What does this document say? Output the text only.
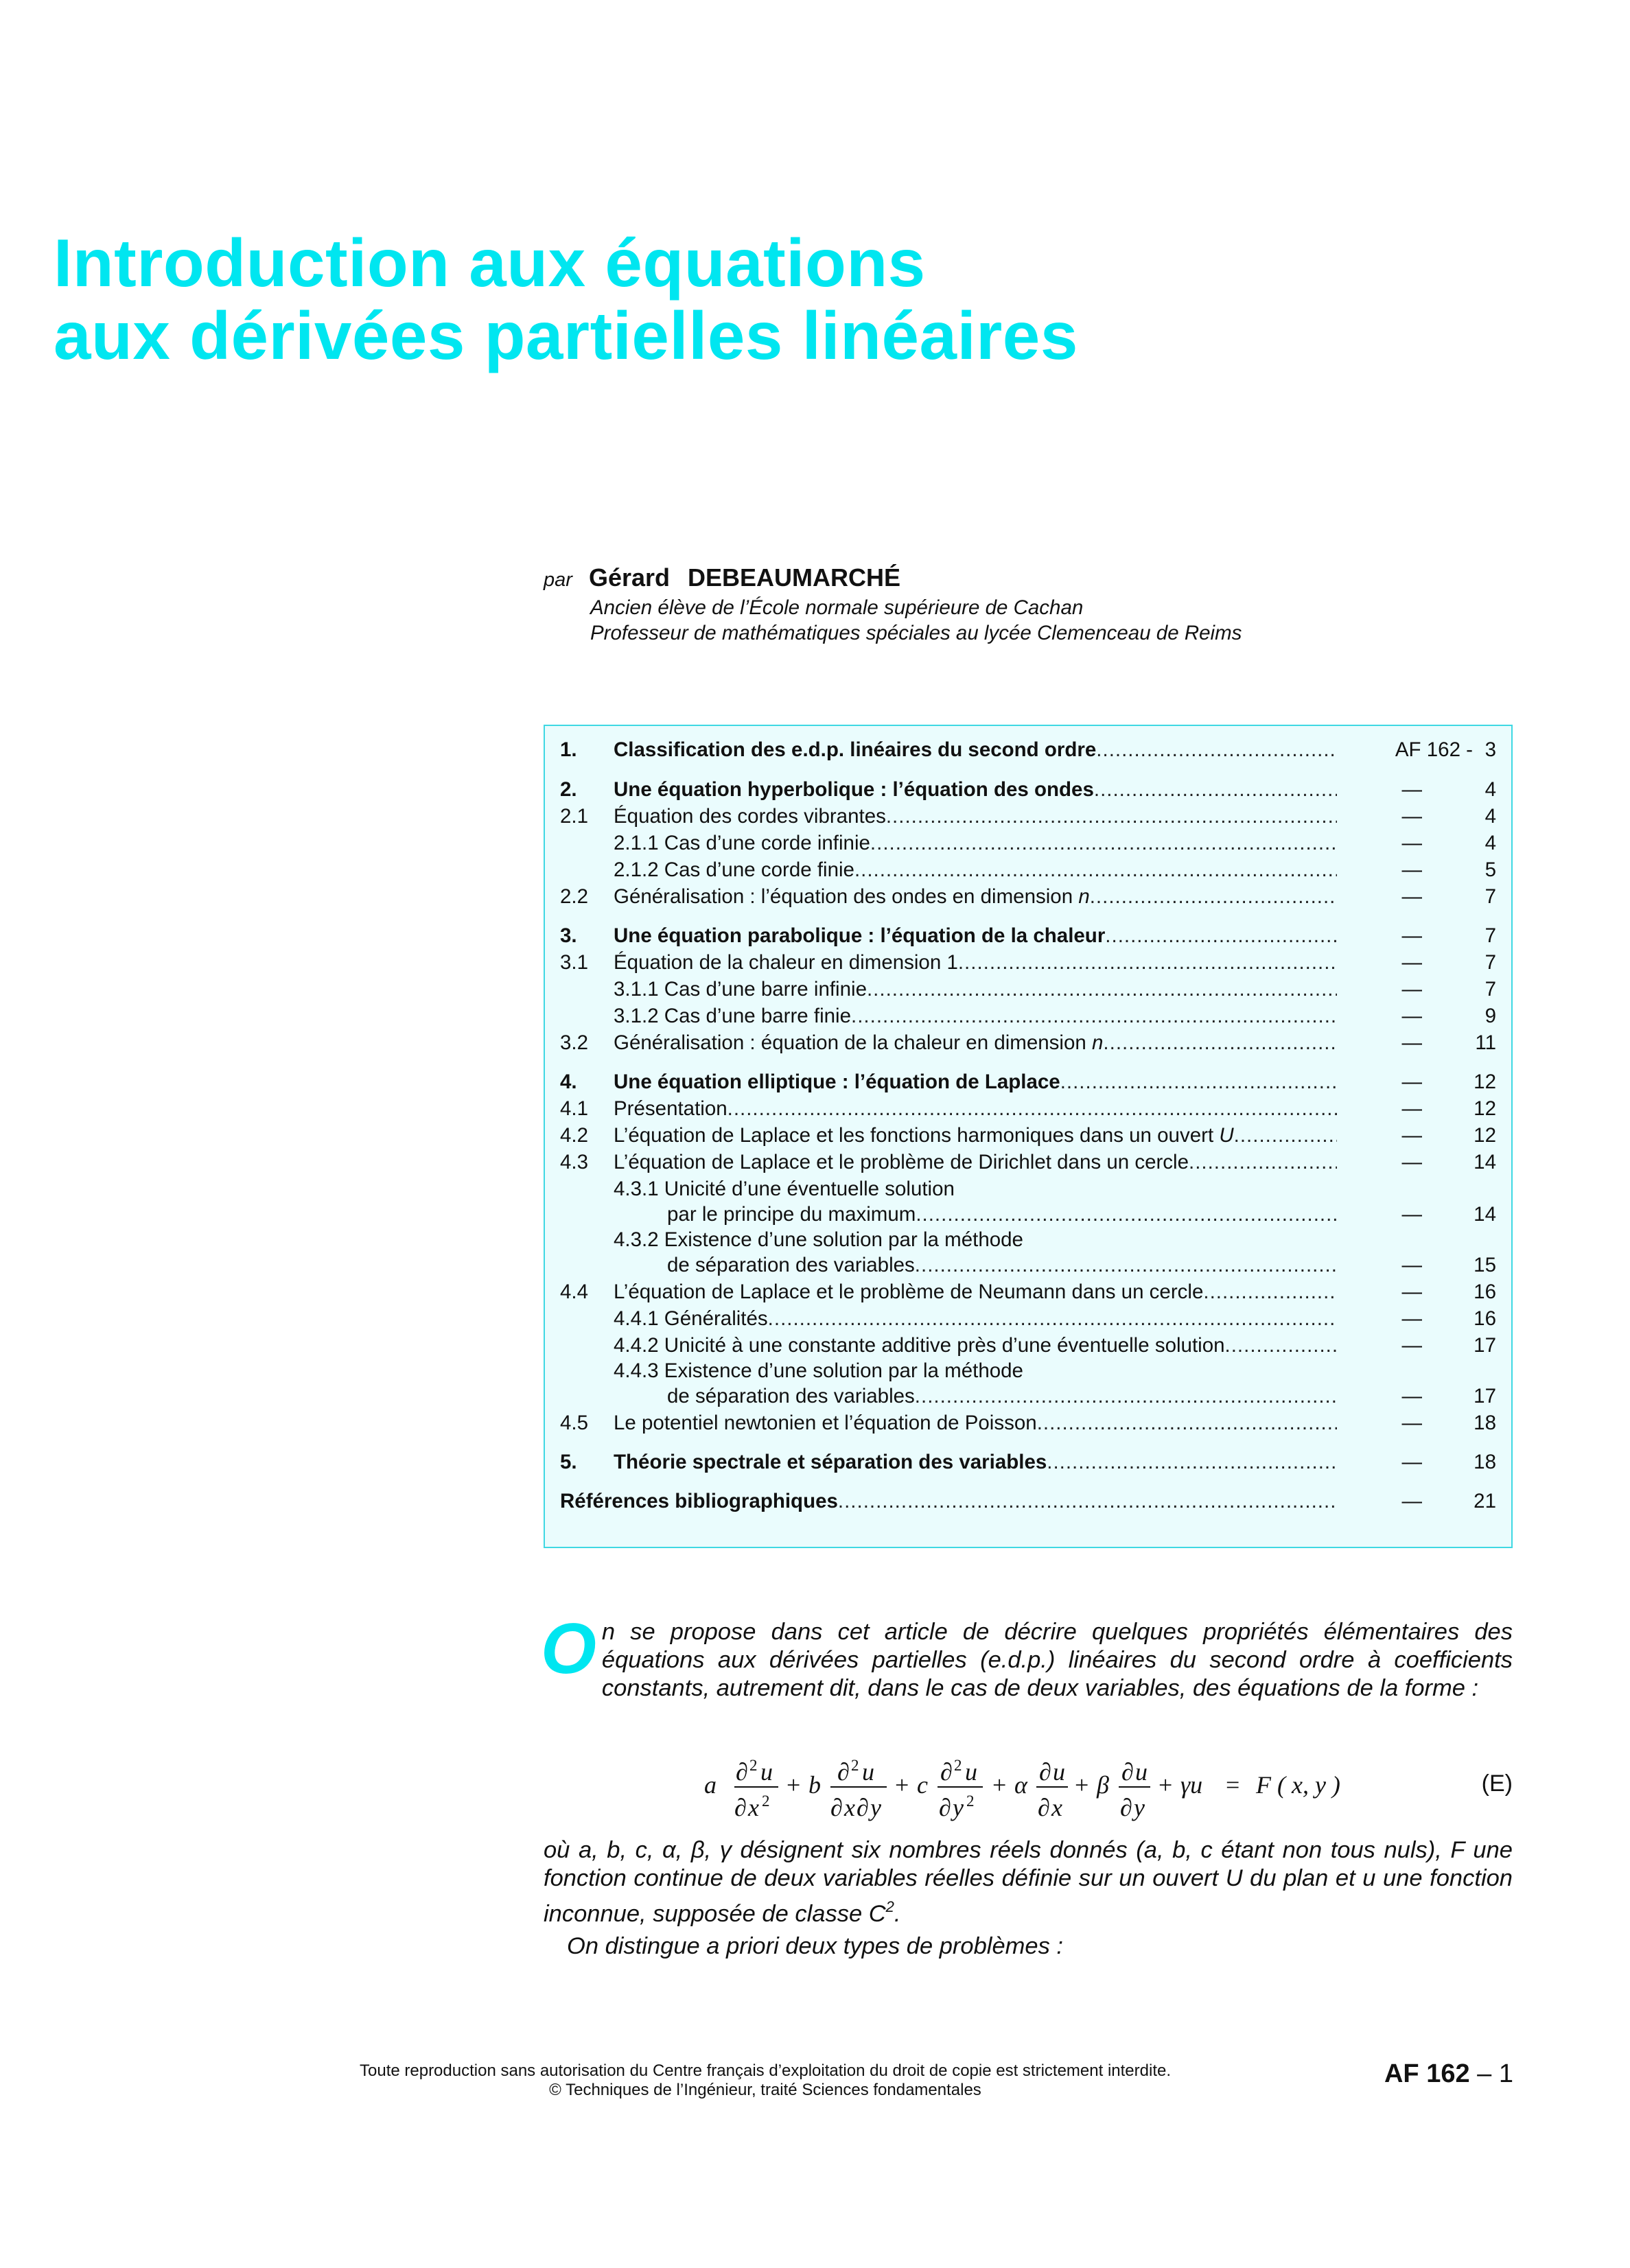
Introduction aux équations
aux dérivées partielles linéaires
par Gérard DEBEAUMARCHÉ
Ancien élève de l’École normale supérieure de Cachan
Professeur de mathématiques spéciales au lycée Clemenceau de Reims
1. Classification des e.d.p. linéaires du second ordre .....	AF 162 - 3
2. Une équation hyperbolique : l’équation des ondes .....	—	4
2.1 Équation des cordes vibrantes .....	—	4
2.1.1 Cas d’une corde infinie .....	—	4
2.1.2 Cas d’une corde finie .....	—	5
2.2 Généralisation : l’équation des ondes en dimension n .....	—	7
3. Une équation parabolique : l’équation de la chaleur .....	—	7
3.1 Équation de la chaleur en dimension 1 .....	—	7
3.1.1 Cas d’une barre infinie .....	—	7
3.1.2 Cas d’une barre finie .....	—	9
3.2 Généralisation : équation de la chaleur en dimension n .....	—	11
4. Une équation elliptique : l’équation de Laplace .....	—	12
4.1 Présentation .....	—	12
4.2 L’équation de Laplace et les fonctions harmoniques dans un ouvert U .....	—	12
4.3 L’équation de Laplace et le problème de Dirichlet dans un cercle .....	—	14
4.3.1 Unicité d’une éventuelle solution
par le principe du maximum .....	—	14
4.3.2 Existence d’une solution par la méthode
de séparation des variables .....	—	15
4.4 L’équation de Laplace et le problème de Neumann dans un cercle .....	—	16
4.4.1 Généralités .....	—	16
4.4.2 Unicité à une constante additive près d’une éventuelle solution .....	—	17
4.4.3 Existence d’une solution par la méthode
de séparation des variables .....	—	17
4.5 Le potentiel newtonien et l’équation de Poisson .....	—	18
5. Théorie spectrale et séparation des variables .....	—	18
Références bibliographiques .....	—	21
O n se propose dans cet article de décrire quelques propriétés élémentaires des équations aux dérivées partielles (e.d.p.) linéaires du second ordre à coefficients constants, autrement dit, dans le cas de deux variables, des équations de la forme :

a ∂ 2 u
∂ x 2
+ b ∂ 2 u
∂ x ∂ y
+ c ∂ 2 u
∂ y 2
+ α ∂ u
∂ x
+ β ∂ u
∂ y
+ γu = F ( x, y )	(E)

où a, b, c, α, β, γ désignent six nombres réels donnés (a, b, c étant non tous nuls), F une fonction continue de deux variables réelles définie sur un ouvert U du plan et u une fonction inconnue, supposée de classe $C^2$.

On distingue a priori deux types de problèmes :

Toute reproduction sans autorisation du Centre français d’exploitation du droit de copie est strictement interdite.
© Techniques de l’Ingénieur, traité Sciences fondamentales
AF 162 – 1
